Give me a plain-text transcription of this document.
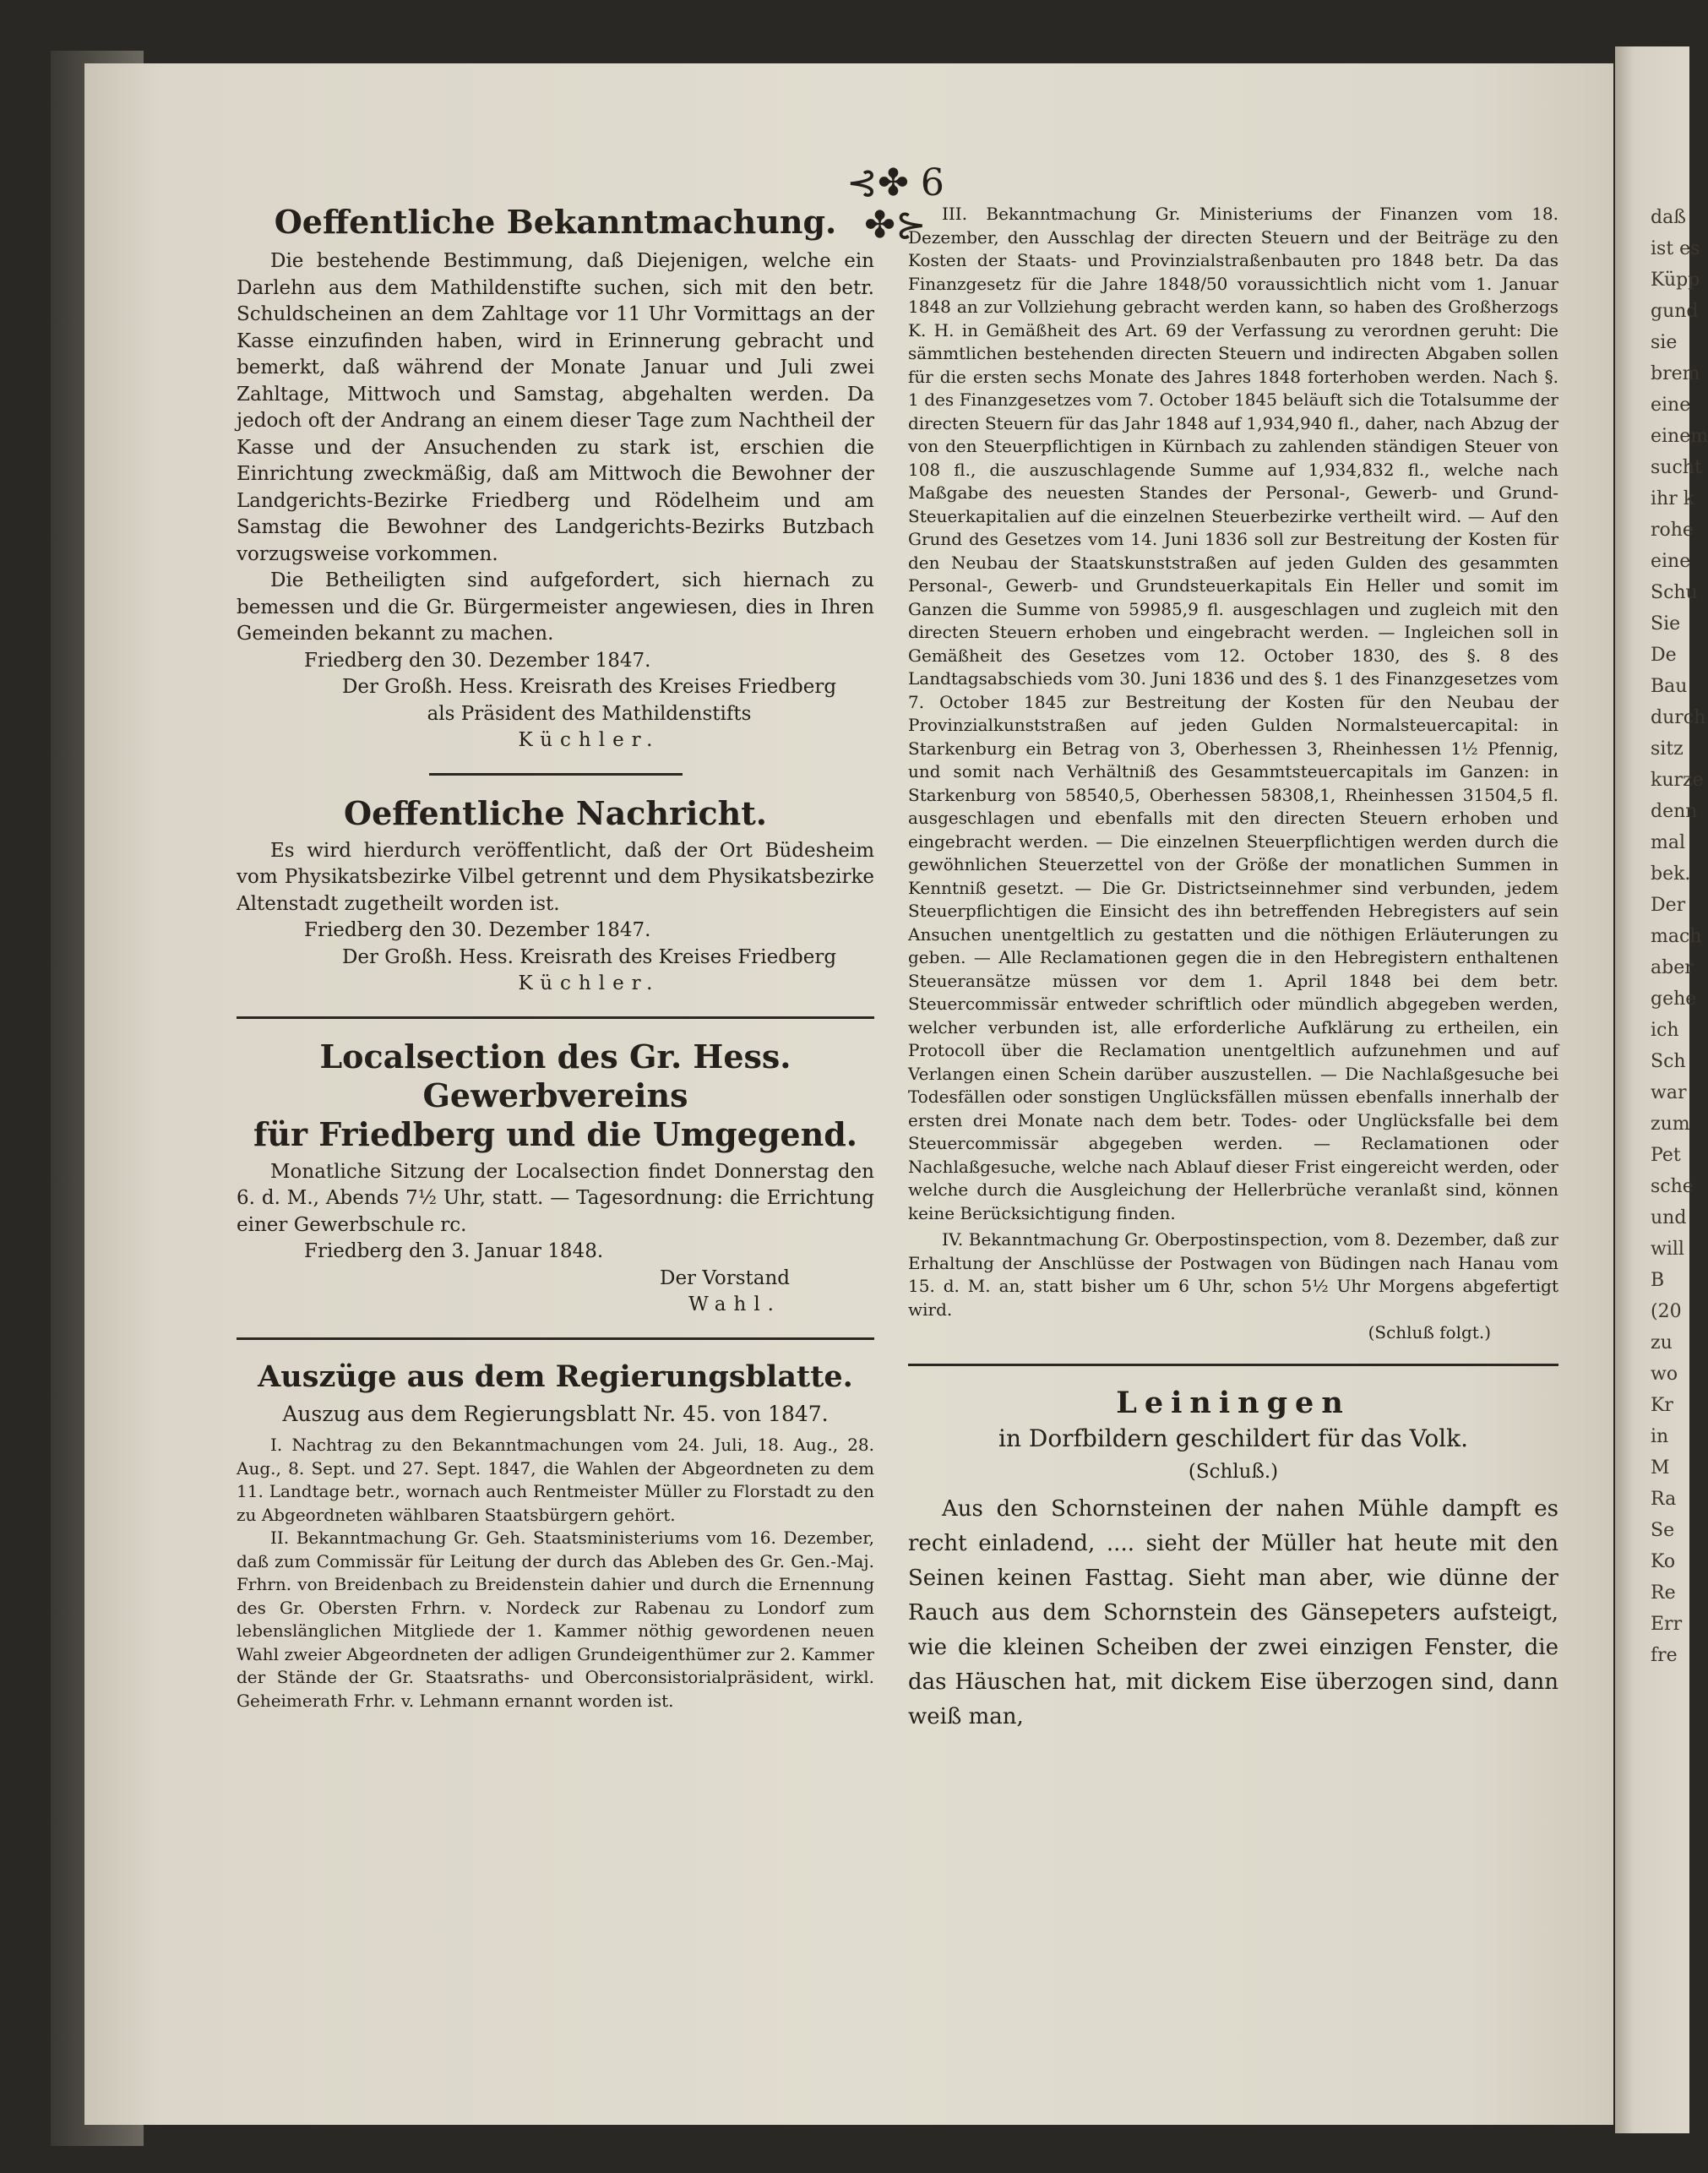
daß
ist es
Küpp
gund
sie
brem
eine
einem
sucht
ihr k
rohe
eine
Schu
Sie
De
Bau
durch
sitz
kurze
denn
mal
bek.
Der
mach
aber
gehe
ich
Sch
war
zum
Pet
sche
und
will
B
(20
zu
wo
Kr
in
M
Ra
Se
Ko
Re
Err
fre
⊰✤ 6 ✤⊱
Oeffentliche Bekanntmachung.

Die bestehende Bestimmung, daß Diejenigen, welche ein Darlehn aus dem Mathildenstifte suchen, sich mit den betr. Schuldscheinen an dem Zahltage vor 11 Uhr Vormittags an der Kasse einzufinden haben, wird in Erinnerung gebracht und bemerkt, daß während der Monate Januar und Juli zwei Zahltage, Mittwoch und Samstag, abgehalten werden. Da jedoch oft der Andrang an einem dieser Tage zum Nachtheil der Kasse und der Ansuchenden zu stark ist, erschien die Einrichtung zweckmäßig, daß am Mittwoch die Bewohner der Landgerichts-Bezirke Friedberg und Rödelheim und am Samstag die Bewohner des Landgerichts-Bezirks Butzbach vorzugsweise vorkommen.

Die Betheiligten sind aufgefordert, sich hiernach zu bemessen und die Gr. Bürgermeister angewiesen, dies in Ihren Gemeinden bekannt zu machen.

Friedberg den 30. Dezember 1847.

Der Großh. Hess. Kreisrath des Kreises Friedberg

als Präsident des Mathildenstifts

Küchler.

Oeffentliche Nachricht.

Es wird hierdurch veröffentlicht, daß der Ort Büdesheim vom Physikatsbezirke Vilbel getrennt und dem Physikatsbezirke Altenstadt zugetheilt worden ist.

Friedberg den 30. Dezember 1847.

Der Großh. Hess. Kreisrath des Kreises Friedberg

Küchler.

Localsection des Gr. Hess. Gewerbvereins
für Friedberg und die Umgegend.

Monatliche Sitzung der Localsection findet Donnerstag den 6. d. M., Abends 7½ Uhr, statt. — Tagesordnung: die Errichtung einer Gewerbschule rc.

Friedberg den 3. Januar 1848.

Der Vorstand

Wahl.

Auszüge aus dem Regierungsblatte.

Auszug aus dem Regierungsblatt Nr. 45. von 1847.

I. Nachtrag zu den Bekanntmachungen vom 24. Juli, 18. Aug., 28. Aug., 8. Sept. und 27. Sept. 1847, die Wahlen der Abgeordneten zu dem 11. Landtage betr., wornach auch Rentmeister Müller zu Florstadt zu den zu Abgeordneten wählbaren Staatsbürgern gehört.

II. Bekanntmachung Gr. Geh. Staatsministeriums vom 16. Dezember, daß zum Commissär für Leitung der durch das Ableben des Gr. Gen.-Maj. Frhrn. von Breidenbach zu Breidenstein dahier und durch die Ernennung des Gr. Obersten Frhrn. v. Nordeck zur Rabenau zu Londorf zum lebenslänglichen Mitgliede der 1. Kammer nöthig gewordenen neuen Wahl zweier Abgeordneten der adligen Grundeigenthümer zur 2. Kammer der Stände der Gr. Staatsraths- und Oberconsistorialpräsident, wirkl. Geheimerath Frhr. v. Lehmann ernannt worden ist.

III. Bekanntmachung Gr. Ministeriums der Finanzen vom 18. Dezember, den Ausschlag der directen Steuern und der Beiträge zu den Kosten der Staats- und Provinzialstraßenbauten pro 1848 betr. Da das Finanzgesetz für die Jahre 1848/50 voraussichtlich nicht vom 1. Januar 1848 an zur Vollziehung gebracht werden kann, so haben des Großherzogs K. H. in Gemäßheit des Art. 69 der Verfassung zu verordnen geruht: Die sämmtlichen bestehenden directen Steuern und indirecten Abgaben sollen für die ersten sechs Monate des Jahres 1848 forterhoben werden. Nach §. 1 des Finanzgesetzes vom 7. October 1845 beläuft sich die Totalsumme der directen Steuern für das Jahr 1848 auf 1,934,940 fl., daher, nach Abzug der von den Steuerpflichtigen in Kürnbach zu zahlenden ständigen Steuer von 108 fl., die auszuschlagende Summe auf 1,934,832 fl., welche nach Maßgabe des neuesten Standes der Personal-, Gewerb- und Grund-Steuerkapitalien auf die einzelnen Steuerbezirke vertheilt wird. — Auf den Grund des Gesetzes vom 14. Juni 1836 soll zur Bestreitung der Kosten für den Neubau der Staatskunststraßen auf jeden Gulden des gesammten Personal-, Gewerb- und Grundsteuerkapitals Ein Heller und somit im Ganzen die Summe von 59985,9 fl. ausgeschlagen und zugleich mit den directen Steuern erhoben und eingebracht werden. — Ingleichen soll in Gemäßheit des Gesetzes vom 12. October 1830, des §. 8 des Landtagsabschieds vom 30. Juni 1836 und des §. 1 des Finanzgesetzes vom 7. October 1845 zur Bestreitung der Kosten für den Neubau der Provinzialkunststraßen auf jeden Gulden Normalsteuercapital: in Starkenburg ein Betrag von 3, Oberhessen 3, Rheinhessen 1½ Pfennig, und somit nach Verhältniß des Gesammtsteuercapitals im Ganzen: in Starkenburg von 58540,5, Oberhessen 58308,1, Rheinhessen 31504,5 fl. ausgeschlagen und ebenfalls mit den directen Steuern erhoben und eingebracht werden. — Die einzelnen Steuerpflichtigen werden durch die gewöhnlichen Steuerzettel von der Größe der monatlichen Summen in Kenntniß gesetzt. — Die Gr. Districtseinnehmer sind verbunden, jedem Steuerpflichtigen die Einsicht des ihn betreffenden Hebregisters auf sein Ansuchen unentgeltlich zu gestatten und die nöthigen Erläuterungen zu geben. — Alle Reclamationen gegen die in den Hebregistern enthaltenen Steueransätze müssen vor dem 1. April 1848 bei dem betr. Steuercommissär entweder schriftlich oder mündlich abgegeben werden, welcher verbunden ist, alle erforderliche Aufklärung zu ertheilen, ein Protocoll über die Reclamation unentgeltlich aufzunehmen und auf Verlangen einen Schein darüber auszustellen. — Die Nachlaßgesuche bei Todesfällen oder sonstigen Unglücksfällen müssen ebenfalls innerhalb der ersten drei Monate nach dem betr. Todes- oder Unglücksfalle bei dem Steuercommissär abgegeben werden. — Reclamationen oder Nachlaßgesuche, welche nach Ablauf dieser Frist eingereicht werden, oder welche durch die Ausgleichung der Hellerbrüche veranlaßt sind, können keine Berücksichtigung finden.

IV. Bekanntmachung Gr. Oberpostinspection, vom 8. Dezember, daß zur Erhaltung der Anschlüsse der Postwagen von Büdingen nach Hanau vom 15. d. M. an, statt bisher um 6 Uhr, schon 5½ Uhr Morgens abgefertigt wird.

(Schluß folgt.)

Leiningen

in Dorfbildern geschildert für das Volk.

(Schluß.)

Aus den Schornsteinen der nahen Mühle dampft es recht einladend, .... sieht der Müller hat heute mit den Seinen keinen Fasttag. Sieht man aber, wie dünne der Rauch aus dem Schornstein des Gänsepeters aufsteigt, wie die kleinen Scheiben der zwei einzigen Fenster, die das Häuschen hat, mit dickem Eise überzogen sind, dann weiß man,
